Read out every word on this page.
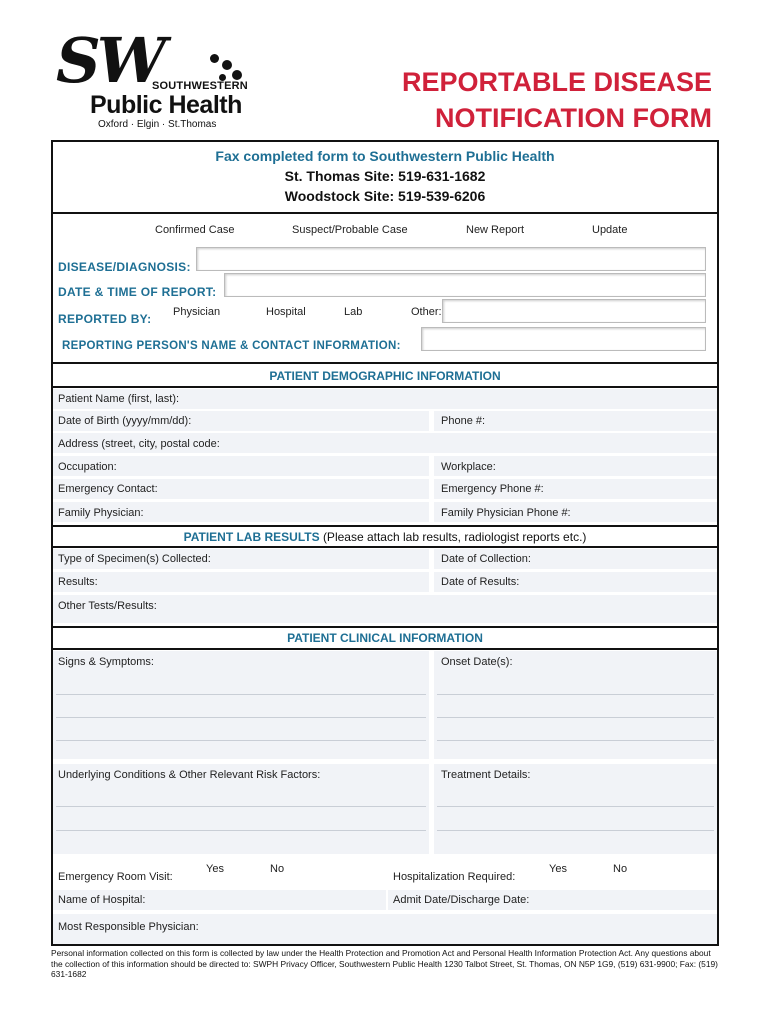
SW
SOUTHWESTERN
Public Health
Oxford · Elgin · St.Thomas
REPORTABLE DISEASE
NOTIFICATION FORM
Fax completed form to Southwestern Public Health
St. Thomas Site: 519-631-1682
Woodstock Site: 519-539-6206
Confirmed Case	Suspect/Probable Case	New Report	Update
DISEASE/DIAGNOSIS:
DATE & TIME OF REPORT:
REPORTED BY: Physician	Hospital	Lab	Other:
REPORTING PERSON'S NAME & CONTACT INFORMATION:
PATIENT DEMOGRAPHIC INFORMATION
Patient Name (first, last):
Date of Birth (yyyy/mm/dd):	Phone #:
Address (street, city, postal code:
Occupation:	Workplace:
Emergency Contact:	Emergency Phone #:
Family Physician:	Family Physician Phone #:
PATIENT LAB RESULTS (Please attach lab results, radiologist reports etc.)
Type of Specimen(s) Collected:	Date of Collection:
Results:	Date of Results:
Other Tests/Results:
PATIENT CLINICAL INFORMATION
Signs & Symptoms:	Onset Date(s):
Underlying Conditions & Other Relevant Risk Factors:	Treatment Details:
Emergency Room Visit:
Yes	No
Hospitalization Required:
Yes	No
Name of Hospital:	Admit Date/Discharge Date:
Most Responsible Physician:
Personal information collected on this form is collected by law under the Health Protection and Promotion Act and Personal Health Information Protection Act. Any questions about the collection of this information should be directed to: SWPH Privacy Officer, Southwestern Public Health 1230 Talbot Street, St. Thomas, ON N5P 1G9, (519) 631-9900; Fax: (519) 631-1682
